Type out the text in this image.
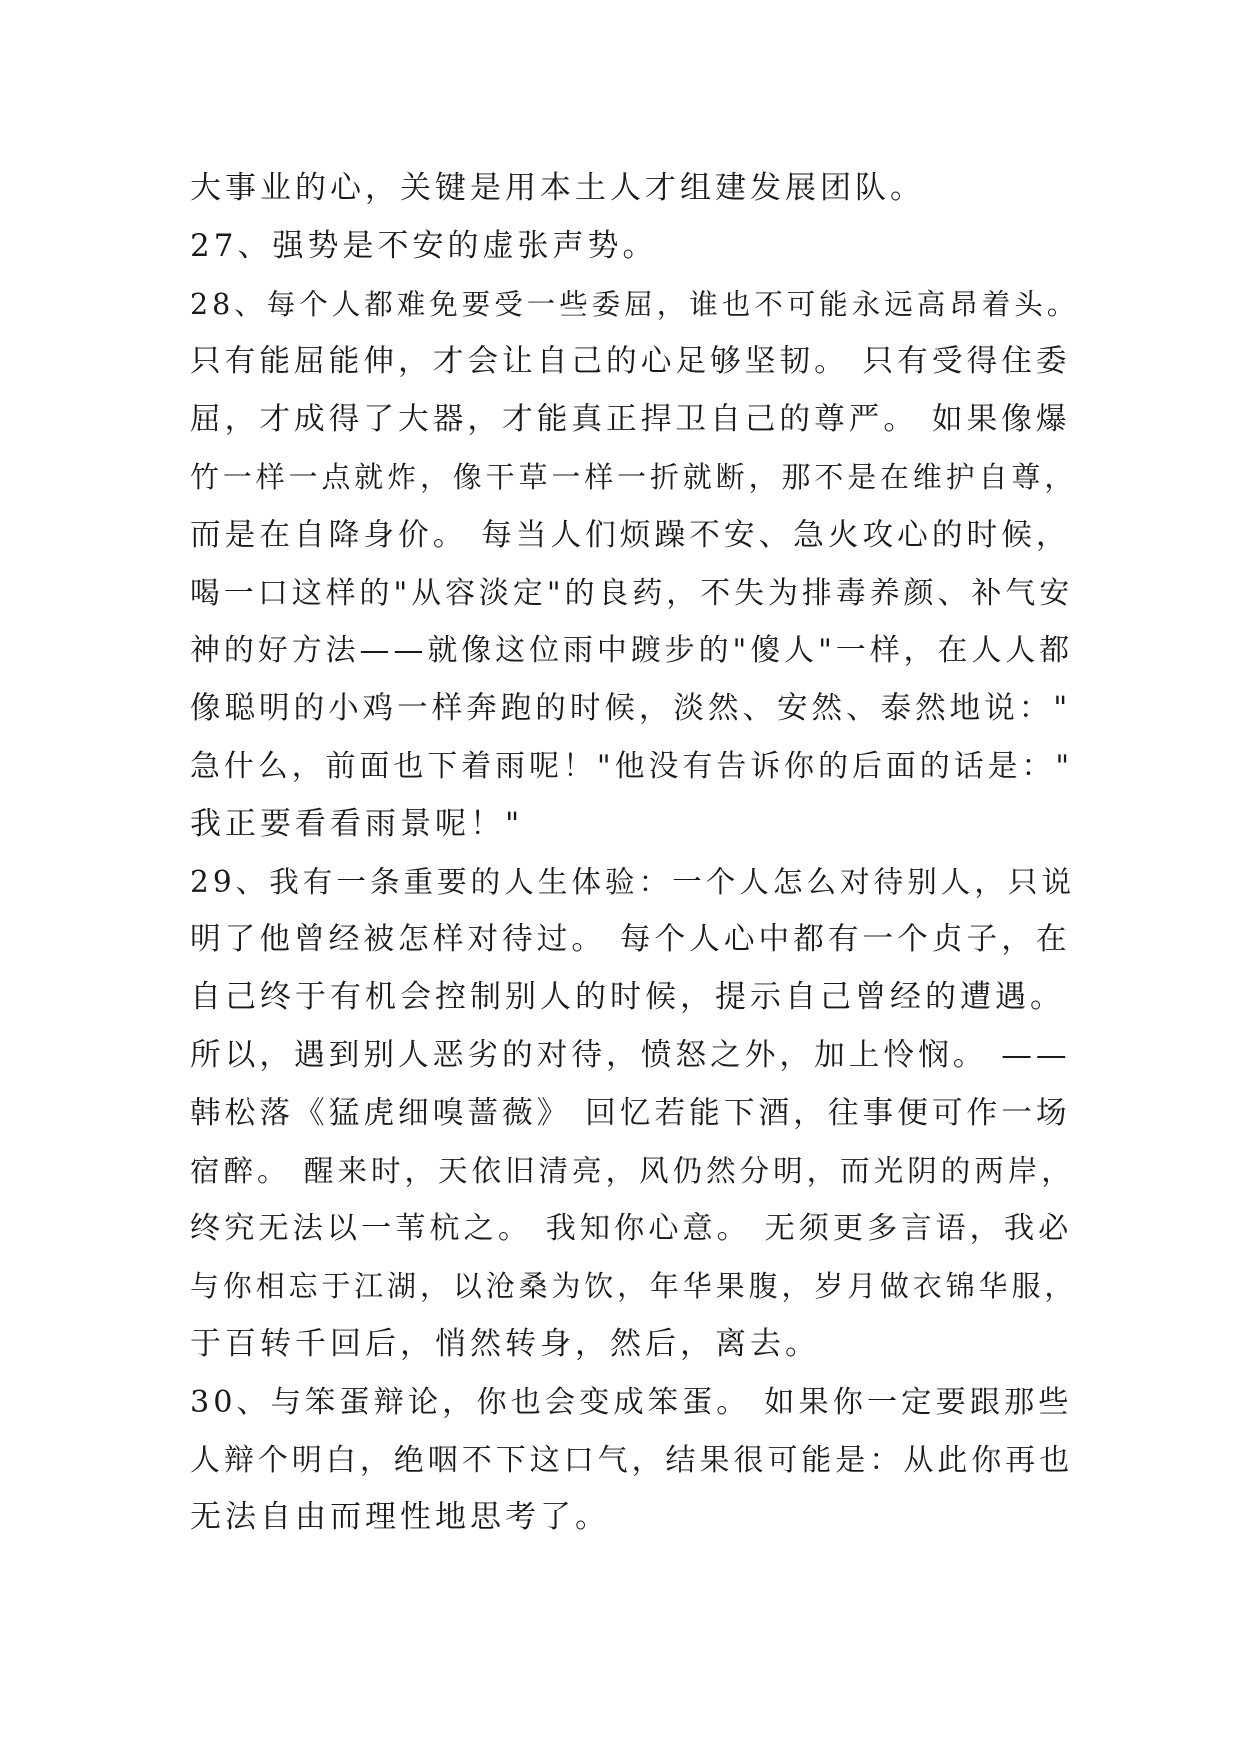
大事业的心，关键是用本土人才组建发展团队。
27、强势是不安的虚张声势。
28、每个人都难免要受一些委屈，谁也不可能永远高昂着头。
只有能屈能伸，才会让自己的心足够坚韧。 只有受得住委
屈，才成得了大器，才能真正捍卫自己的尊严。 如果像爆
竹一样一点就炸，像干草一样一折就断，那不是在维护自尊，
而是在自降身价。 每当人们烦躁不安、急火攻心的时候，
喝一口这样的"从容淡定"的良药，不失为排毒养颜、补气安
神的好方法——就像这位雨中踱步的"傻人"一样，在人人都
像聪明的小鸡一样奔跑的时候，淡然、安然、泰然地说："
急什么，前面也下着雨呢！"他没有告诉你的后面的话是："
我正要看看雨景呢！"
29、我有一条重要的人生体验：一个人怎么对待别人，只说
明了他曾经被怎样对待过。 每个人心中都有一个贞子，在
自己终于有机会控制别人的时候，提示自己曾经的遭遇。
所以，遇到别人恶劣的对待，愤怒之外，加上怜悯。 ——
韩松落《猛虎细嗅蔷薇》 回忆若能下酒，往事便可作一场
宿醉。 醒来时，天依旧清亮，风仍然分明，而光阴的两岸，
终究无法以一苇杭之。 我知你心意。 无须更多言语，我必
与你相忘于江湖，以沧桑为饮，年华果腹，岁月做衣锦华服，
于百转千回后，悄然转身，然后，离去。
30、与笨蛋辩论，你也会变成笨蛋。 如果你一定要跟那些
人辩个明白，绝咽不下这口气，结果很可能是：从此你再也
无法自由而理性地思考了。
